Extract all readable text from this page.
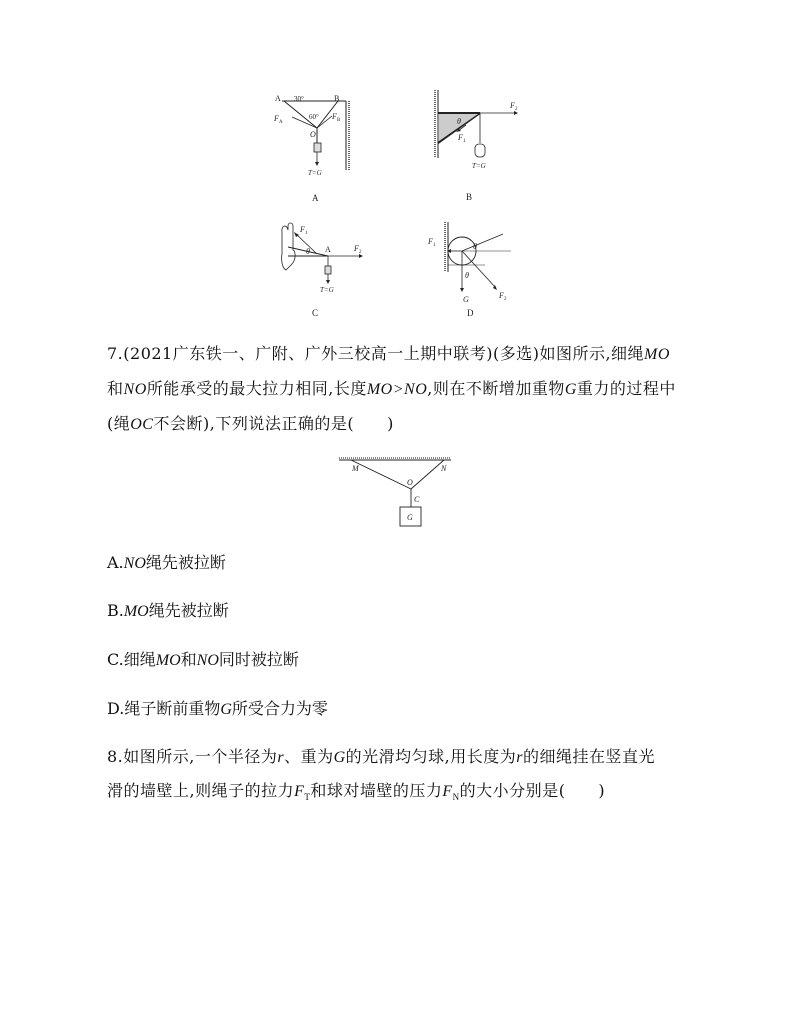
A	B
30°
60°
O
F A
F B
T=G
A
F 2
F 1
θ
T=G
B
F 1
F 2
θ A
T=G
C
F 1
F 2
θ
θ
G
D
7.(2021广东铁一、广附、广外三校高一上期中联考)(多选)如图所示,细绳MO
和NO所能承受的最大拉力相同,长度MO>NO,则在不断增加重物G重力的过程中
(绳OC不会断),下列说法正确的是(　　)
M	N
O
C
G
A.NO绳先被拉断
B.MO绳先被拉断
C.细绳MO和NO同时被拉断
D.绳子断前重物G所受合力为零
8.如图所示,一个半径为r、重为G的光滑均匀球,用长度为r的细绳挂在竖直光
滑的墙壁上,则绳子的拉力$F_T$和球对墙壁的压力$F_N$的大小分别是(　　)
